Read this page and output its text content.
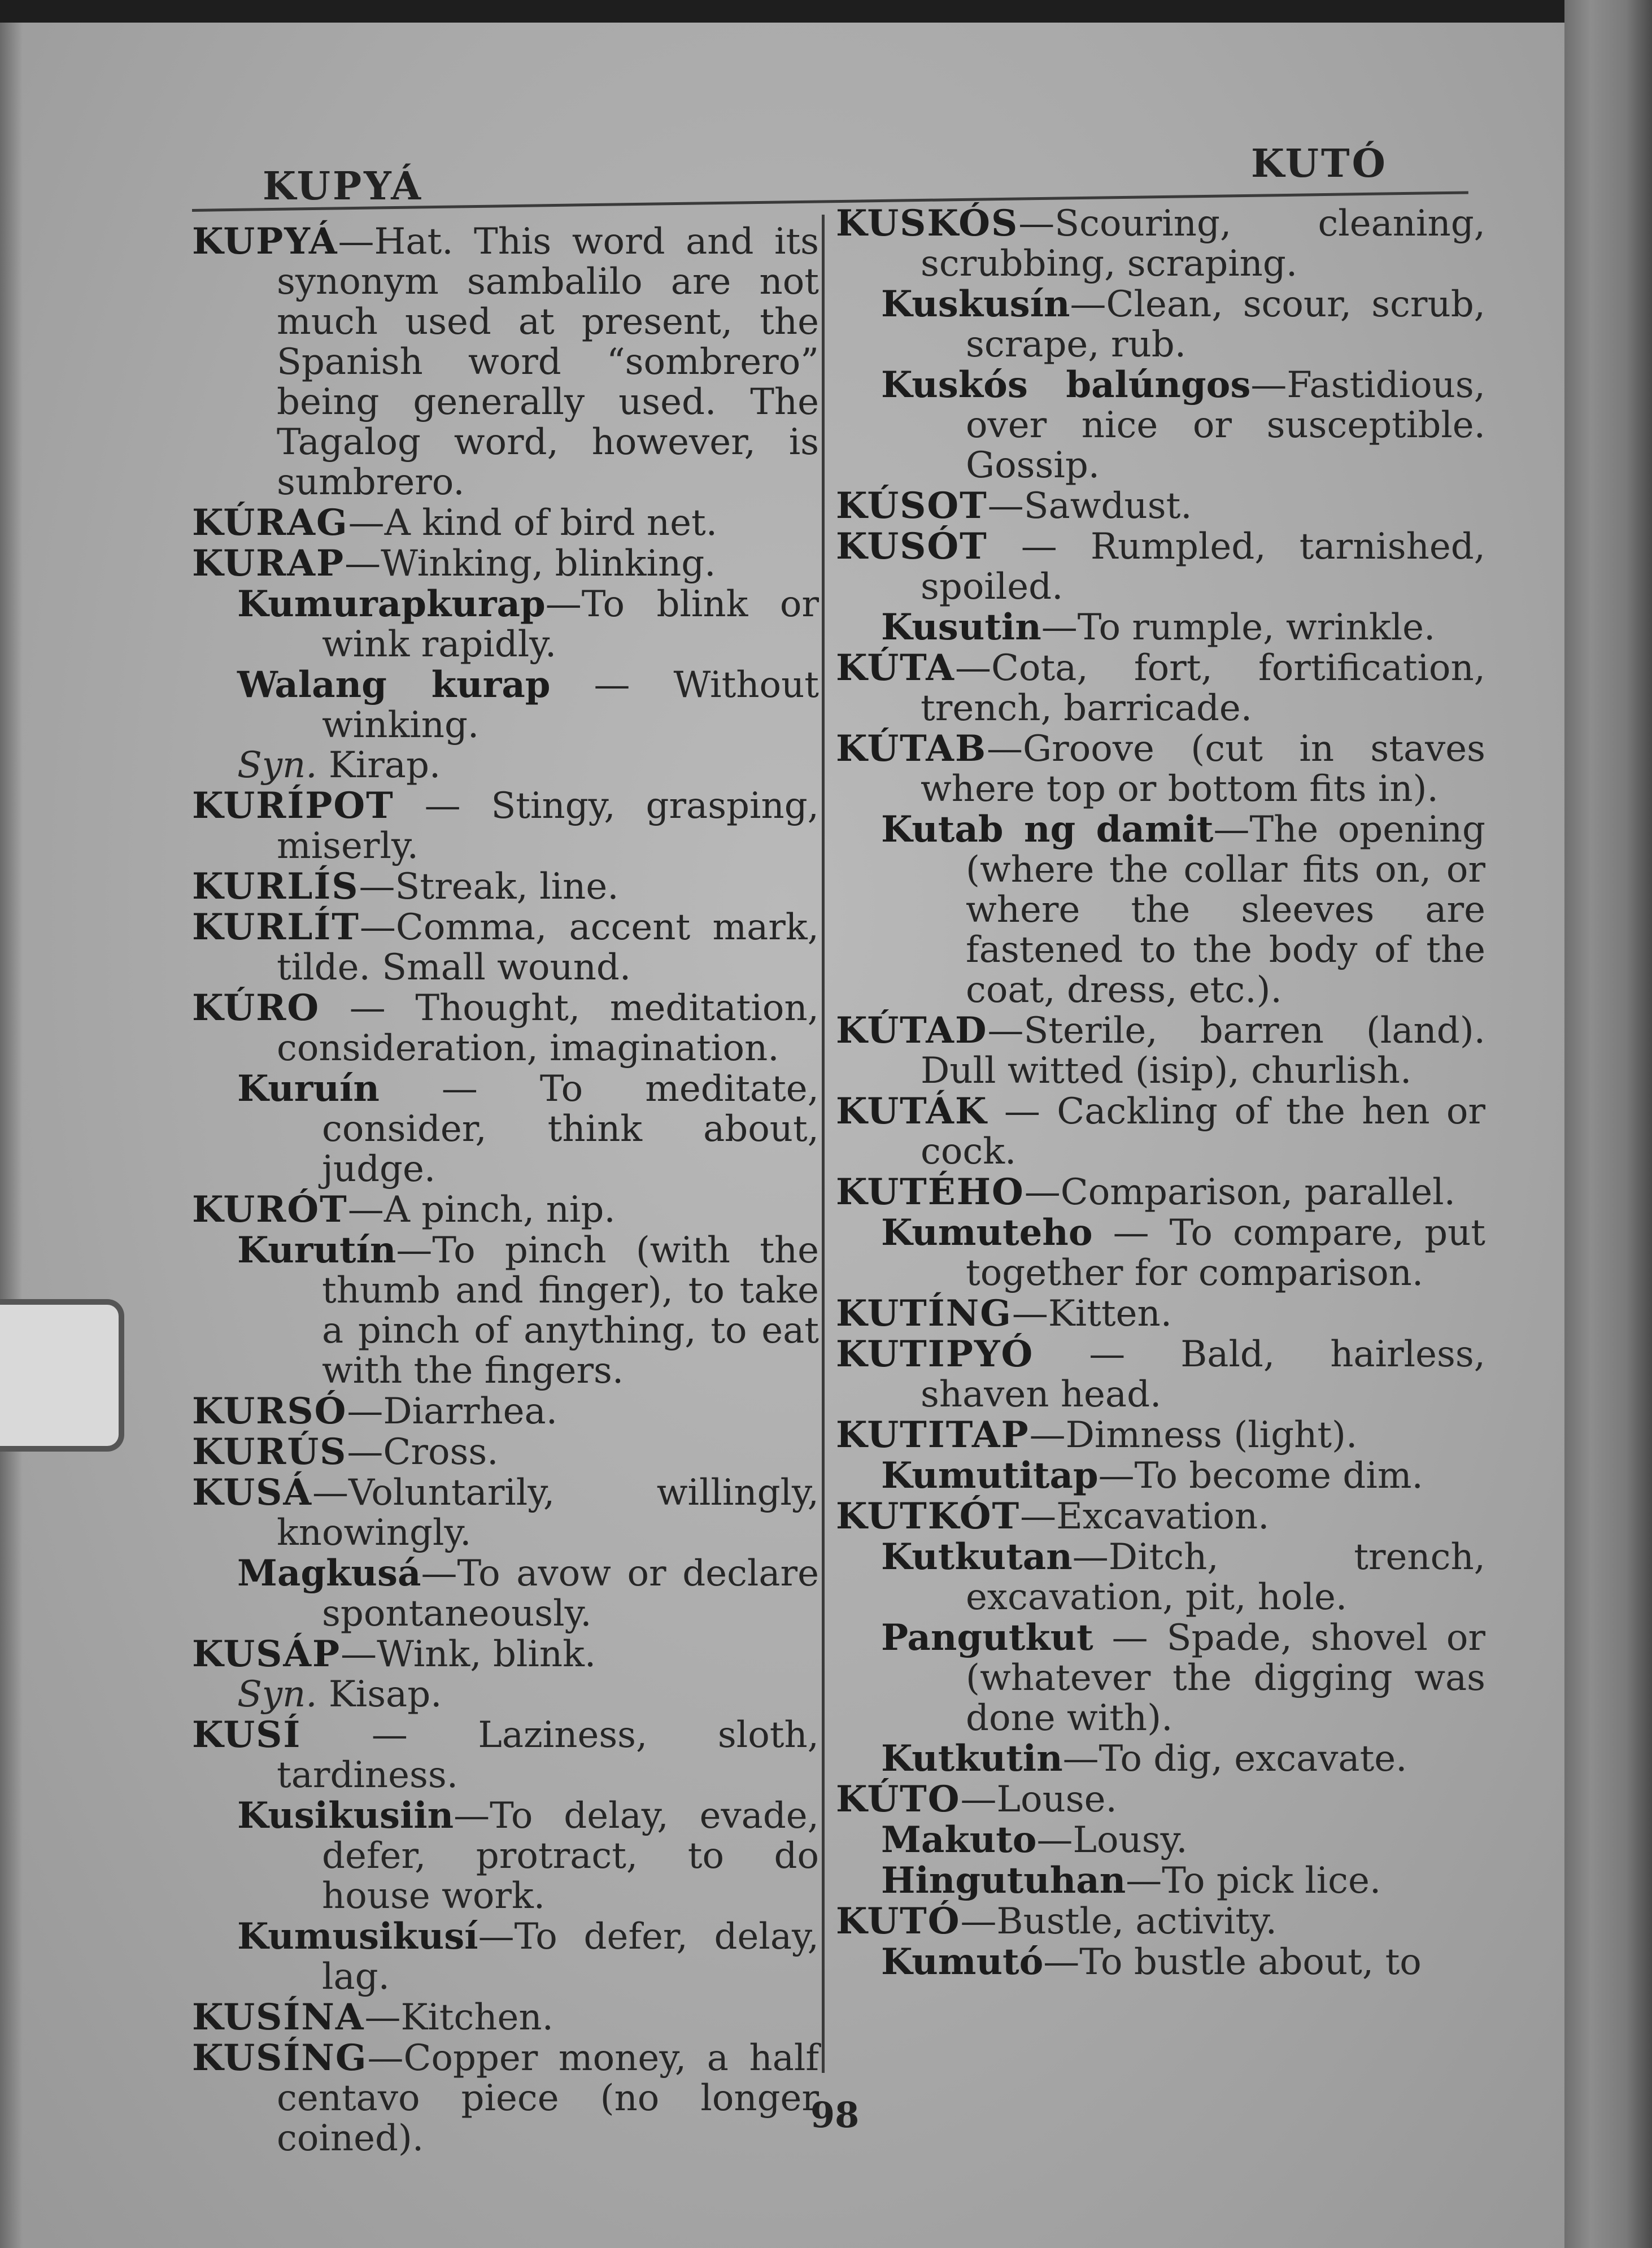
KUPYÁ	KUTÓ

KUPYÁ—Hat. This word and its synonym sambalilo are not much used at present, the Spanish word “sombrero” being generally used. The Tagalog word, however, is sumbrero.

KÚRAG—A kind of bird net.

KURAP—Winking, blinking.

Kumurapkurap—To blink or wink rapidly.

Walang kurap — Without winking.

Syn. Kirap.

KURÍPOT — Stingy, grasping, miserly.

KURLÍS—Streak, line.

KURLÍT—Comma, accent mark, tilde. Small wound.

KÚRO — Thought, meditation, consideration, imagination.

Kuruín — To meditate, consider, think about, judge.

KURÓT—A pinch, nip.

Kurutín—To pinch (with the thumb and finger), to take a pinch of anything, to eat with the fingers.

KURSÓ—Diarrhea.

KURÚS—Cross.

KUSÁ—Voluntarily, willingly, knowingly.

Magkusá—To avow or declare spontaneously.

KUSÁP—Wink, blink.

Syn. Kisap.

KUSÍ — Laziness, sloth, tardiness.

Kusikusiin—To delay, evade, defer, protract, to do house work.

Kumusikusí—To defer, delay, lag.

KUSÍNA—Kitchen.

KUSÍNG—Copper money, a half centavo piece (no longer coined).

KUSKÓS—Scouring, cleaning, scrubbing, scraping.

Kuskusín—Clean, scour, scrub, scrape, rub.

Kuskós balúngos—Fastidious, over nice or susceptible. Gossip.

KÚSOT—Sawdust.

KUSÓT — Rumpled, tarnished, spoiled.

Kusutin—To rumple, wrinkle.

KÚTA—Cota, fort, fortification, trench, barricade.

KÚTAB—Groove (cut in staves where top or bottom fits in).

Kutab ng damit—The opening (where the collar fits on, or where the sleeves are fastened to the body of the coat, dress, etc.).

KÚTAD—Sterile, barren (land). Dull witted (isip), churlish.

KUTÁK — Cackling of the hen or cock.

KUTÉHO—Comparison, parallel.

Kumuteho — To compare, put together for comparison.

KUTÍNG—Kitten.

KUTIPYÓ — Bald, hairless, shaven head.

KUTITAP—Dimness (light).

Kumutitap—To become dim.

KUTKÓT—Excavation.

Kutkutan—Ditch, trench, excavation, pit, hole.

Pangutkut — Spade, shovel or (whatever the digging was done with).

Kutkutin—To dig, excavate.

KÚTO—Louse.

Makuto—Lousy.

Hingutuhan—To pick lice.

KUTÓ—Bustle, activity.

Kumutó—To bustle about, to

98
